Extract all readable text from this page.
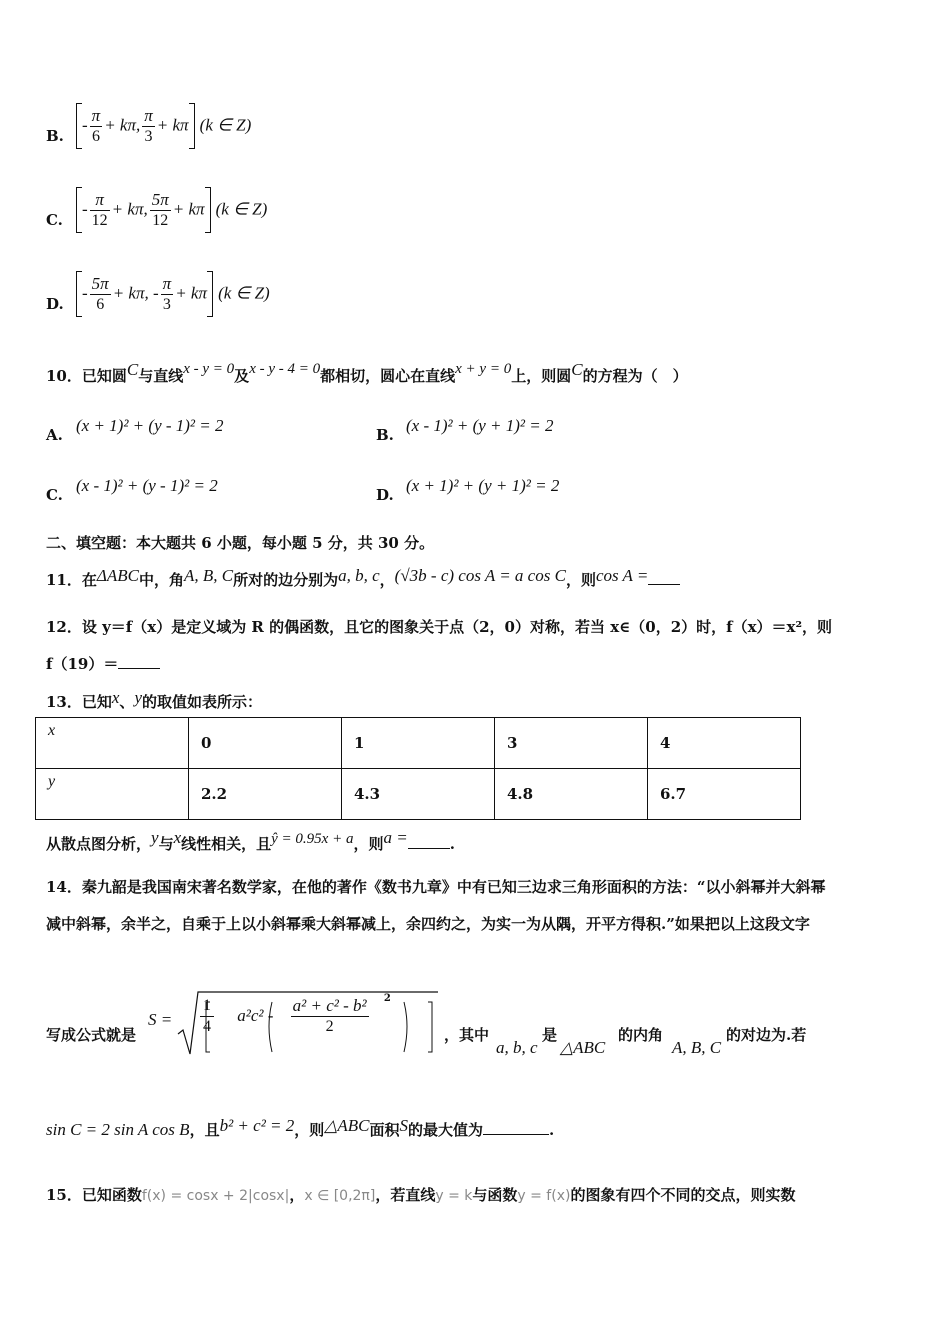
B.
- $\frac{\pi}{6} + k\pi$, $\frac{\pi}{3} + k\pi$ (k ∈ Z)
C.
- $\frac{\pi}{12} + k\pi$, $\frac{5\pi}{12} + k\pi$ (k ∈ Z)
D.
- $\frac{5\pi}{6} + k\pi$, - $\frac{\pi}{3} + k\pi$ (k ∈ Z)
10．已知圆C与直线x - y = 0及x - y - 4 = 0都相切，圆心在直线x + y = 0上，则圆C的方程为（　）
A. (x + 1)² + (y - 1)² = 2	B. (x - 1)² + (y + 1)² = 2
C. (x - 1)² + (y - 1)² = 2	D. (x + 1)² + (y + 1)² = 2
二、填空题：本大题共 6 小题，每小题 5 分，共 30 分。
11．在ΔABC中，角A, B, C所对的边分别为a, b, c，(√3b - c) cos A = a cos C，则cos A =
12．设 y＝f（x）是定义域为 R 的偶函数，且它的图象关于点（2，0）对称，若当 x∈（0，2）时，f（x）＝x²，则
f（19）＝
13．已知x、y的取值如表所示：
x	0	1	3	4
y	2.2	4.3	4.8	6.7
从散点图分析，y与x线性相关，且ŷ = 0.95x + a，则a =	.
14．秦九韶是我国南宋著名数学家，在他的著作《数书九章》中有已知三边求三角形面积的方法：“以小斜幂并大斜幂
减中斜幂，余半之，自乘于上以小斜幂乘大斜幂减上，余四约之，为实一为从隅，开平方得积.”如果把以上这段文字
写成公式就是
$S = \frac{1}{4} a^2c^2 - \frac{\text{a² + c² - b²}}{2} ^2$
，其中
a, b, c
是
△ABC
的内角
A, B, C
的对边为.若
sin C = 2 sin A cos B，且b² + c² = 2，则△ABC面积S的最大值为	.
15．已知函数f(x) = cosx + 2|cosx|，x ∈ [0,2π]，若直线y = k与函数y = f(x)的图象有四个不同的交点，则实数
